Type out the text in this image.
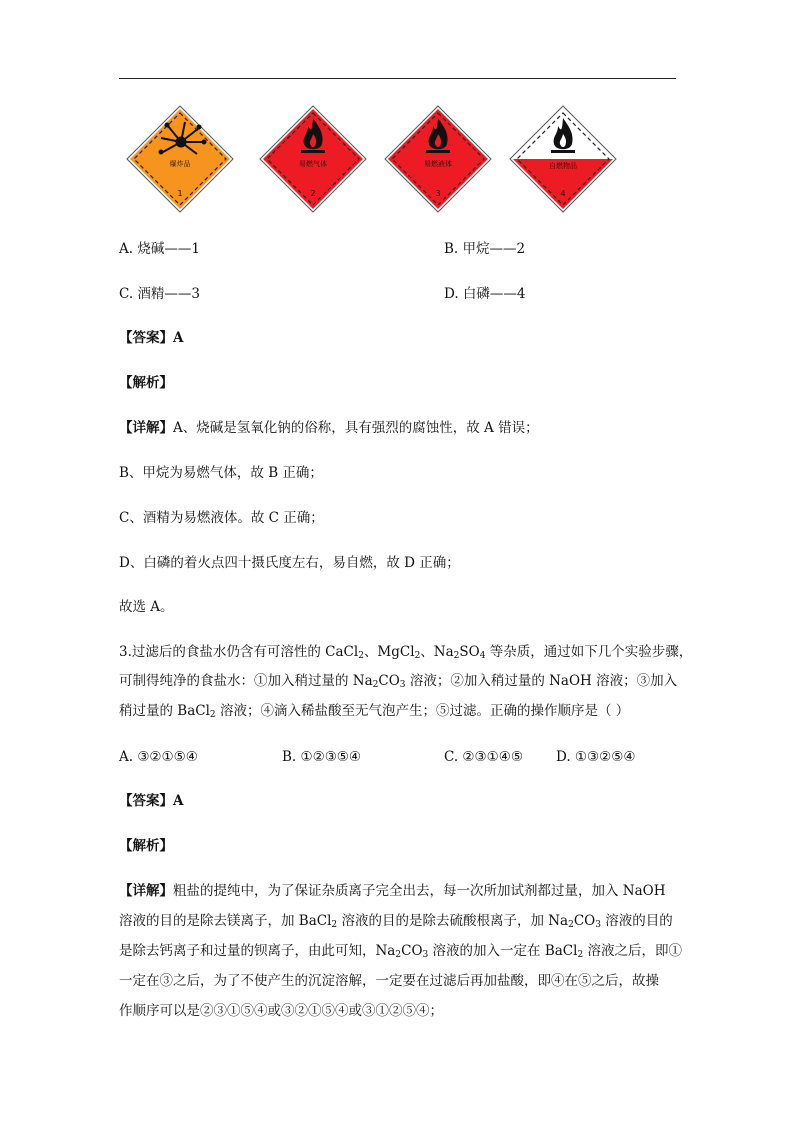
爆炸品
1
易燃气体
2
易燃液体
3
自燃物品
4
A. 烧碱——1	B. 甲烷——2
C. 酒精——3	D. 白磷——4
【答案】A
【解析】
【详解】A、烧碱是氢氧化钠的俗称，具有强烈的腐蚀性，故 A 错误；
B、甲烷为易燃气体，故 B 正确；
C、酒精为易燃液体。故 C 正确；
D、白磷的着火点四十摄氏度左右，易自燃，故 D 正确；
故选 A。
3.过滤后的食盐水仍含有可溶性的 CaCl$_2$、MgCl$_2$、$Na_2SO_4$ 等杂质，通过如下几个实验步骤，
可制得纯净的食盐水：①加入稍过量的 $Na_2CO_3$ 溶液；②加入稍过量的 NaOH 溶液；③加入
稍过量的 BaCl$_2$ 溶液；④滴入稀盐酸至无气泡产生；⑤过滤。正确的操作顺序是（ ）
A. ③②①⑤④	B. ①②③⑤④	C. ②③①④⑤ D. ①③②⑤④
【答案】A
【解析】
【详解】粗盐的提纯中，为了保证杂质离子完全出去，每一次所加试剂都过量，加入 NaOH
溶液的目的是除去镁离子，加 BaCl$_2$ 溶液的目的是除去硫酸根离子，加 $Na_2CO_3$ 溶液的目的
是除去钙离子和过量的钡离子，由此可知，$Na_2CO_3$ 溶液的加入一定在 BaCl$_2$ 溶液之后，即①
一定在③之后，为了不使产生的沉淀溶解，一定要在过滤后再加盐酸，即④在⑤之后，故操
作顺序可以是②③①⑤④或③②①⑤④或③①②⑤④；
